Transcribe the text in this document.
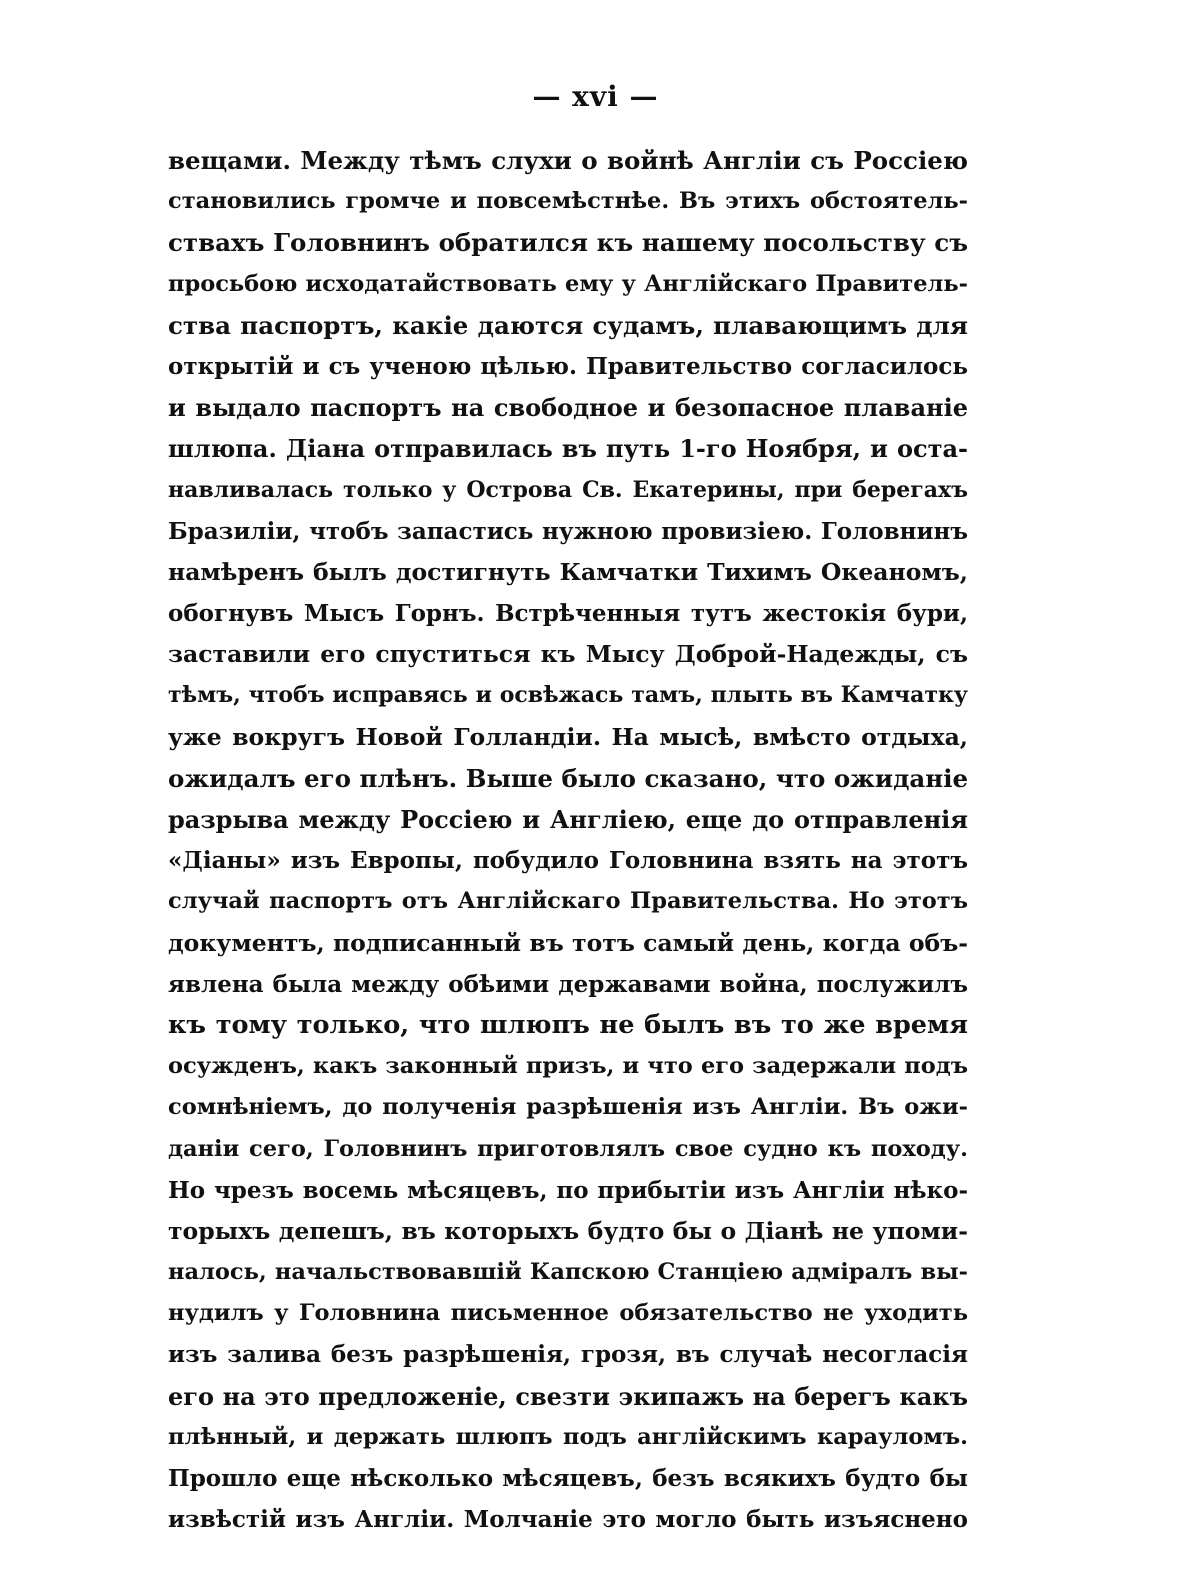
— xvi —
вещами. Между тѣмъ слухи о войнѣ Англіи съ Россіею
становились громче и повсемѣстнѣе. Въ этихъ обстоятель-
ствахъ Головнинъ обратился къ нашему посольству съ
просьбою исходатайствовать ему у Англійскаго Правитель-
ства паспортъ, какіе даются судамъ, плавающимъ для
открытій и съ ученою цѣлью. Правительство согласилось
и выдало паспортъ на свободное и безопасное плаваніе
шлюпа. Діана отправилась въ путь 1-го Ноября, и оста-
навливалась только у Острова Св. Екатерины, при берегахъ
Бразиліи, чтобъ запастись нужною провизіею. Головнинъ
намѣренъ былъ достигнуть Камчатки Тихимъ Океаномъ,
обогнувъ Мысъ Горнъ. Встрѣченныя тутъ жестокія бури,
заставили его спуститься къ Мысу Доброй-Надежды, съ
тѣмъ, чтобъ исправясь и освѣжась тамъ, плыть въ Камчатку
уже вокругъ Новой Голландіи. На мысѣ, вмѣсто отдыха,
ожидалъ его плѣнъ. Выше было сказано, что ожиданіе
разрыва между Россіею и Англіею, еще до отправленія
«Діаны» изъ Европы, побудило Головнина взять на этотъ
случай паспортъ отъ Англійскаго Правительства. Но этотъ
документъ, подписанный въ тотъ самый день, когда объ-
явлена была между обѣими державами война, послужилъ
къ тому только, что шлюпъ не былъ въ то же время
осужденъ, какъ законный призъ, и что его задержали подъ
сомнѣніемъ, до полученія разрѣшенія изъ Англіи. Въ ожи-
даніи сего, Головнинъ приготовлялъ свое судно къ походу.
Но чрезъ восемь мѣсяцевъ, по прибытіи изъ Англіи нѣко-
торыхъ депешъ, въ которыхъ будто бы о Діанѣ не упоми-
налось, начальствовавшій Капскою Станціею адміралъ вы-
нудилъ у Головнина письменное обязательство не уходить
изъ залива безъ разрѣшенія, грозя, въ случаѣ несогласія
его на это предложеніе, свезти экипажъ на берегъ какъ
плѣнный, и держать шлюпъ подъ англійскимъ карауломъ.
Прошло еще нѣсколько мѣсяцевъ, безъ всякихъ будто бы
извѣстій изъ Англіи. Молчаніе это могло быть изъяснено
